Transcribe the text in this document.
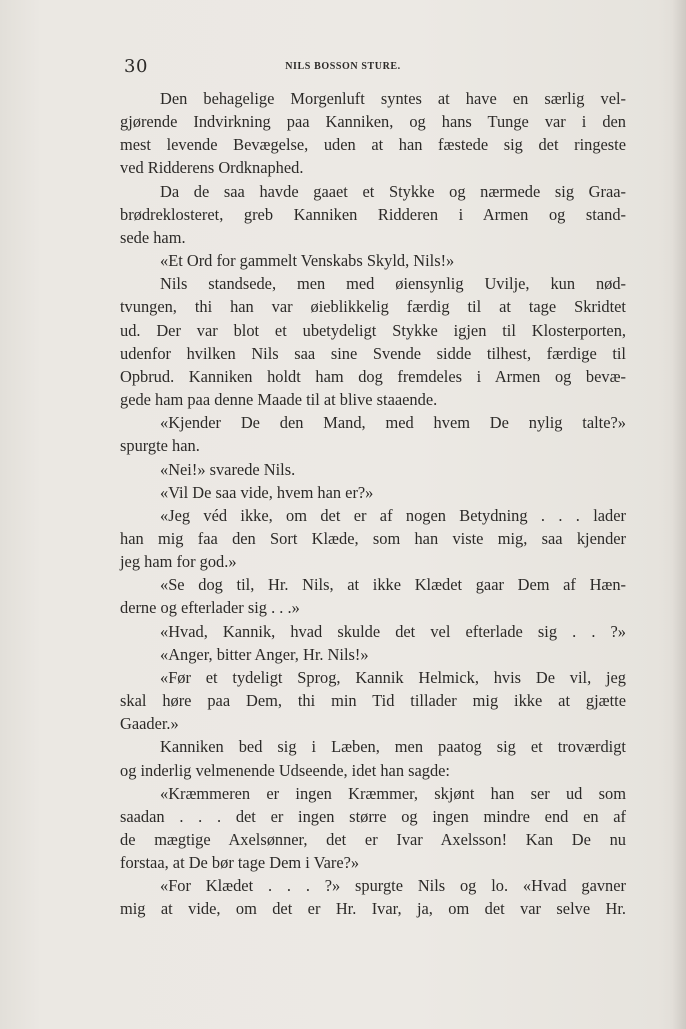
30	NILS BOSSON STURE.
Den behagelige Morgenluft syntes at have en særlig vel-
gjørende Indvirkning paa Kanniken, og hans Tunge var i den
mest levende Bevægelse, uden at han fæstede sig det ringeste
ved Ridderens Ordknaphed.
Da de saa havde gaaet et Stykke og nærmede sig Graa-
brødreklosteret, greb Kanniken Ridderen i Armen og stand-
sede ham.
«Et Ord for gammelt Venskabs Skyld, Nils!»
Nils standsede, men med øiensynlig Uvilje, kun nød-
tvungen, thi han var øieblikkelig færdig til at tage Skridtet
ud. Der var blot et ubetydeligt Stykke igjen til Klosterporten,
udenfor hvilken Nils saa sine Svende sidde tilhest, færdige til
Opbrud. Kanniken holdt ham dog fremdeles i Armen og bevæ-
gede ham paa denne Maade til at blive staaende.
«Kjender De den Mand, med hvem De nylig talte?»
spurgte han.
«Nei!» svarede Nils.
«Vil De saa vide, hvem han er?»
«Jeg véd ikke, om det er af nogen Betydning . . . lader
han mig faa den Sort Klæde, som han viste mig, saa kjender
jeg ham for god.»
«Se dog til, Hr. Nils, at ikke Klædet gaar Dem af Hæn-
derne og efterlader sig . . .»
«Hvad, Kannik, hvad skulde det vel efterlade sig . . ?»
«Anger, bitter Anger, Hr. Nils!»
«Før et tydeligt Sprog, Kannik Helmick, hvis De vil, jeg
skal høre paa Dem, thi min Tid tillader mig ikke at gjætte
Gaader.»
Kanniken bed sig i Læben, men paatog sig et troværdigt
og inderlig velmenende Udseende, idet han sagde:
«Kræmmeren er ingen Kræmmer, skjønt han ser ud som
saadan . . . det er ingen større og ingen mindre end en af
de mægtige Axelsønner, det er Ivar Axelsson! Kan De nu
forstaa, at De bør tage Dem i Vare?»
«For Klædet . . . ?» spurgte Nils og lo. «Hvad gavner
mig at vide, om det er Hr. Ivar, ja, om det var selve Hr.
